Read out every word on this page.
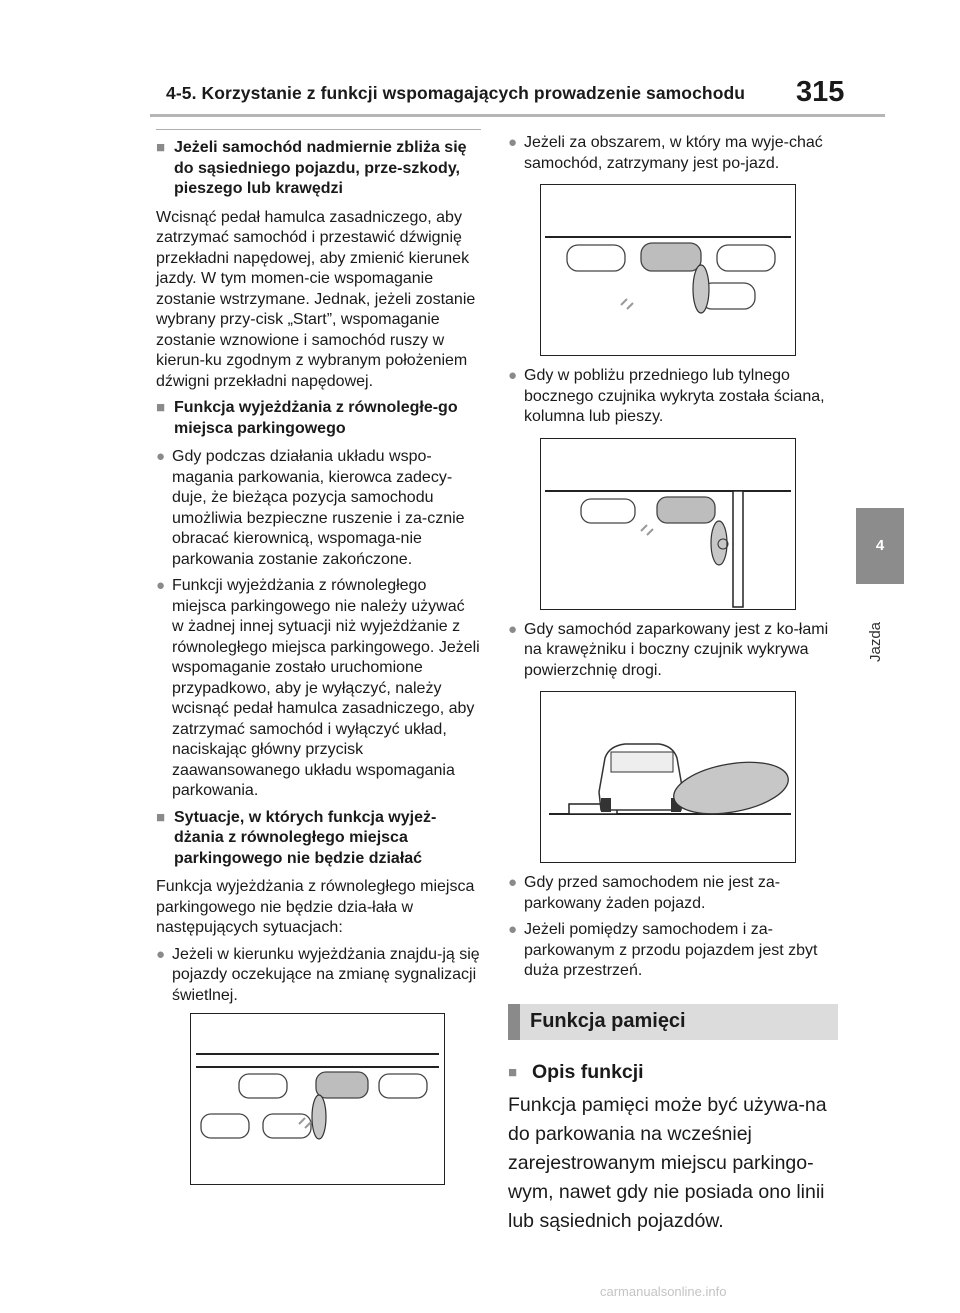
4-5. Korzystanie z funkcji wspomagających prowadzenie samochodu 315
4
Jazda
■ Jeżeli samochód nadmiernie zbliża się do sąsiedniego pojazdu, prze-szkody, pieszego lub krawędzi

Wcisnąć pedał hamulca zasadniczego, aby zatrzymać samochód i przestawić dźwignię przekładni napędowej, aby zmienić kierunek jazdy. W tym momen-cie wspomaganie zostanie wstrzymane. Jednak, jeżeli zostanie wybrany przy-cisk „Start”, wspomaganie zostanie wznowione i samochód ruszy w kierun-ku zgodnym z wybranym położeniem dźwigni przekładni napędowej.

■ Funkcja wyjeżdżania z równoległe-go miejsca parkingowego
● Gdy podczas działania układu wspo-magania parkowania, kierowca zadecy-duje, że bieżąca pozycja samochodu umożliwia bezpieczne ruszenie i za-cznie obracać kierownicą, wspomaga-nie parkowania zostanie zakończone.
● Funkcji wyjeżdżania z równoległego miejsca parkingowego nie należy używać w żadnej innej sytuacji niż wyjeżdżanie z równoległego miejsca parkingowego. Jeżeli wspomaganie zostało uruchomione przypadkowo, aby je wyłączyć, należy wcisnąć pedał hamulca zasadniczego, aby zatrzymać samochód i wyłączyć układ, naciskając główny przycisk zaawansowanego układu wspomagania parkowania.
■ Sytuacje, w których funkcja wyjeż-dżania z równoległego miejsca parkingowego nie będzie działać

Funkcja wyjeżdżania z równoległego miejsca parkingowego nie będzie dzia-łała w następujących sytuacjach:

● Jeżeli w kierunku wyjeżdżania znajdu-ją się pojazdy oczekujące na zmianę sygnalizacji świetlnej.
● Jeżeli za obszarem, w który ma wyje-chać samochód, zatrzymany jest po-jazd.
● Gdy w pobliżu przedniego lub tylnego bocznego czujnika wykryta została ściana, kolumna lub pieszy.
● Gdy samochód zaparkowany jest z ko-łami na krawężniku i boczny czujnik wykrywa powierzchnię drogi.
● Gdy przed samochodem nie jest za-parkowany żaden pojazd.
● Jeżeli pomiędzy samochodem i za-parkowanym z przodu pojazdem jest zbyt duża przestrzeń.
Funkcja pamięci
■ Opis funkcji

Funkcja pamięci może być używa-na do parkowania na wcześniej zarejestrowanym miejscu parkingo-wym, nawet gdy nie posiada ono linii lub sąsiednich pojazdów.

carmanualsonline.info
